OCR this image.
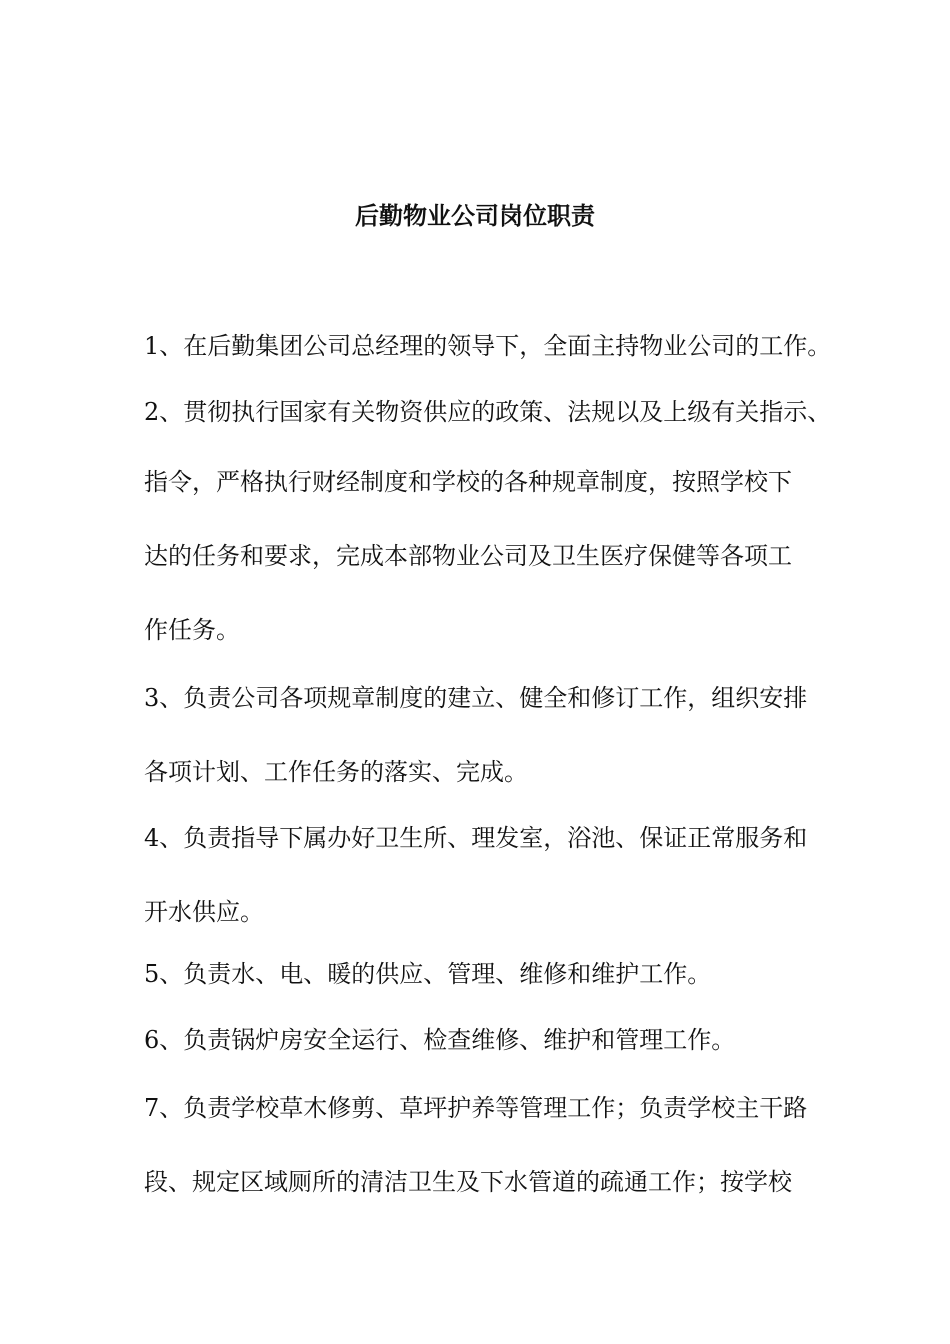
后勤物业公司岗位职责
1、在后勤集团公司总经理的领导下，全面主持物业公司的工作。
2、贯彻执行国家有关物资供应的政策、法规以及上级有关指示、
指令，严格执行财经制度和学校的各种规章制度，按照学校下
达的任务和要求，完成本部物业公司及卫生医疗保健等各项工
作任务。
3、负责公司各项规章制度的建立、健全和修订工作，组织安排
各项计划、工作任务的落实、完成。
4、负责指导下属办好卫生所、理发室，浴池、保证正常服务和
开水供应。
5、负责水、电、暖的供应、管理、维修和维护工作。
6、负责锅炉房安全运行、检查维修、维护和管理工作。
7、负责学校草木修剪、草坪护养等管理工作；负责学校主干路
段、规定区域厕所的清洁卫生及下水管道的疏通工作；按学校
